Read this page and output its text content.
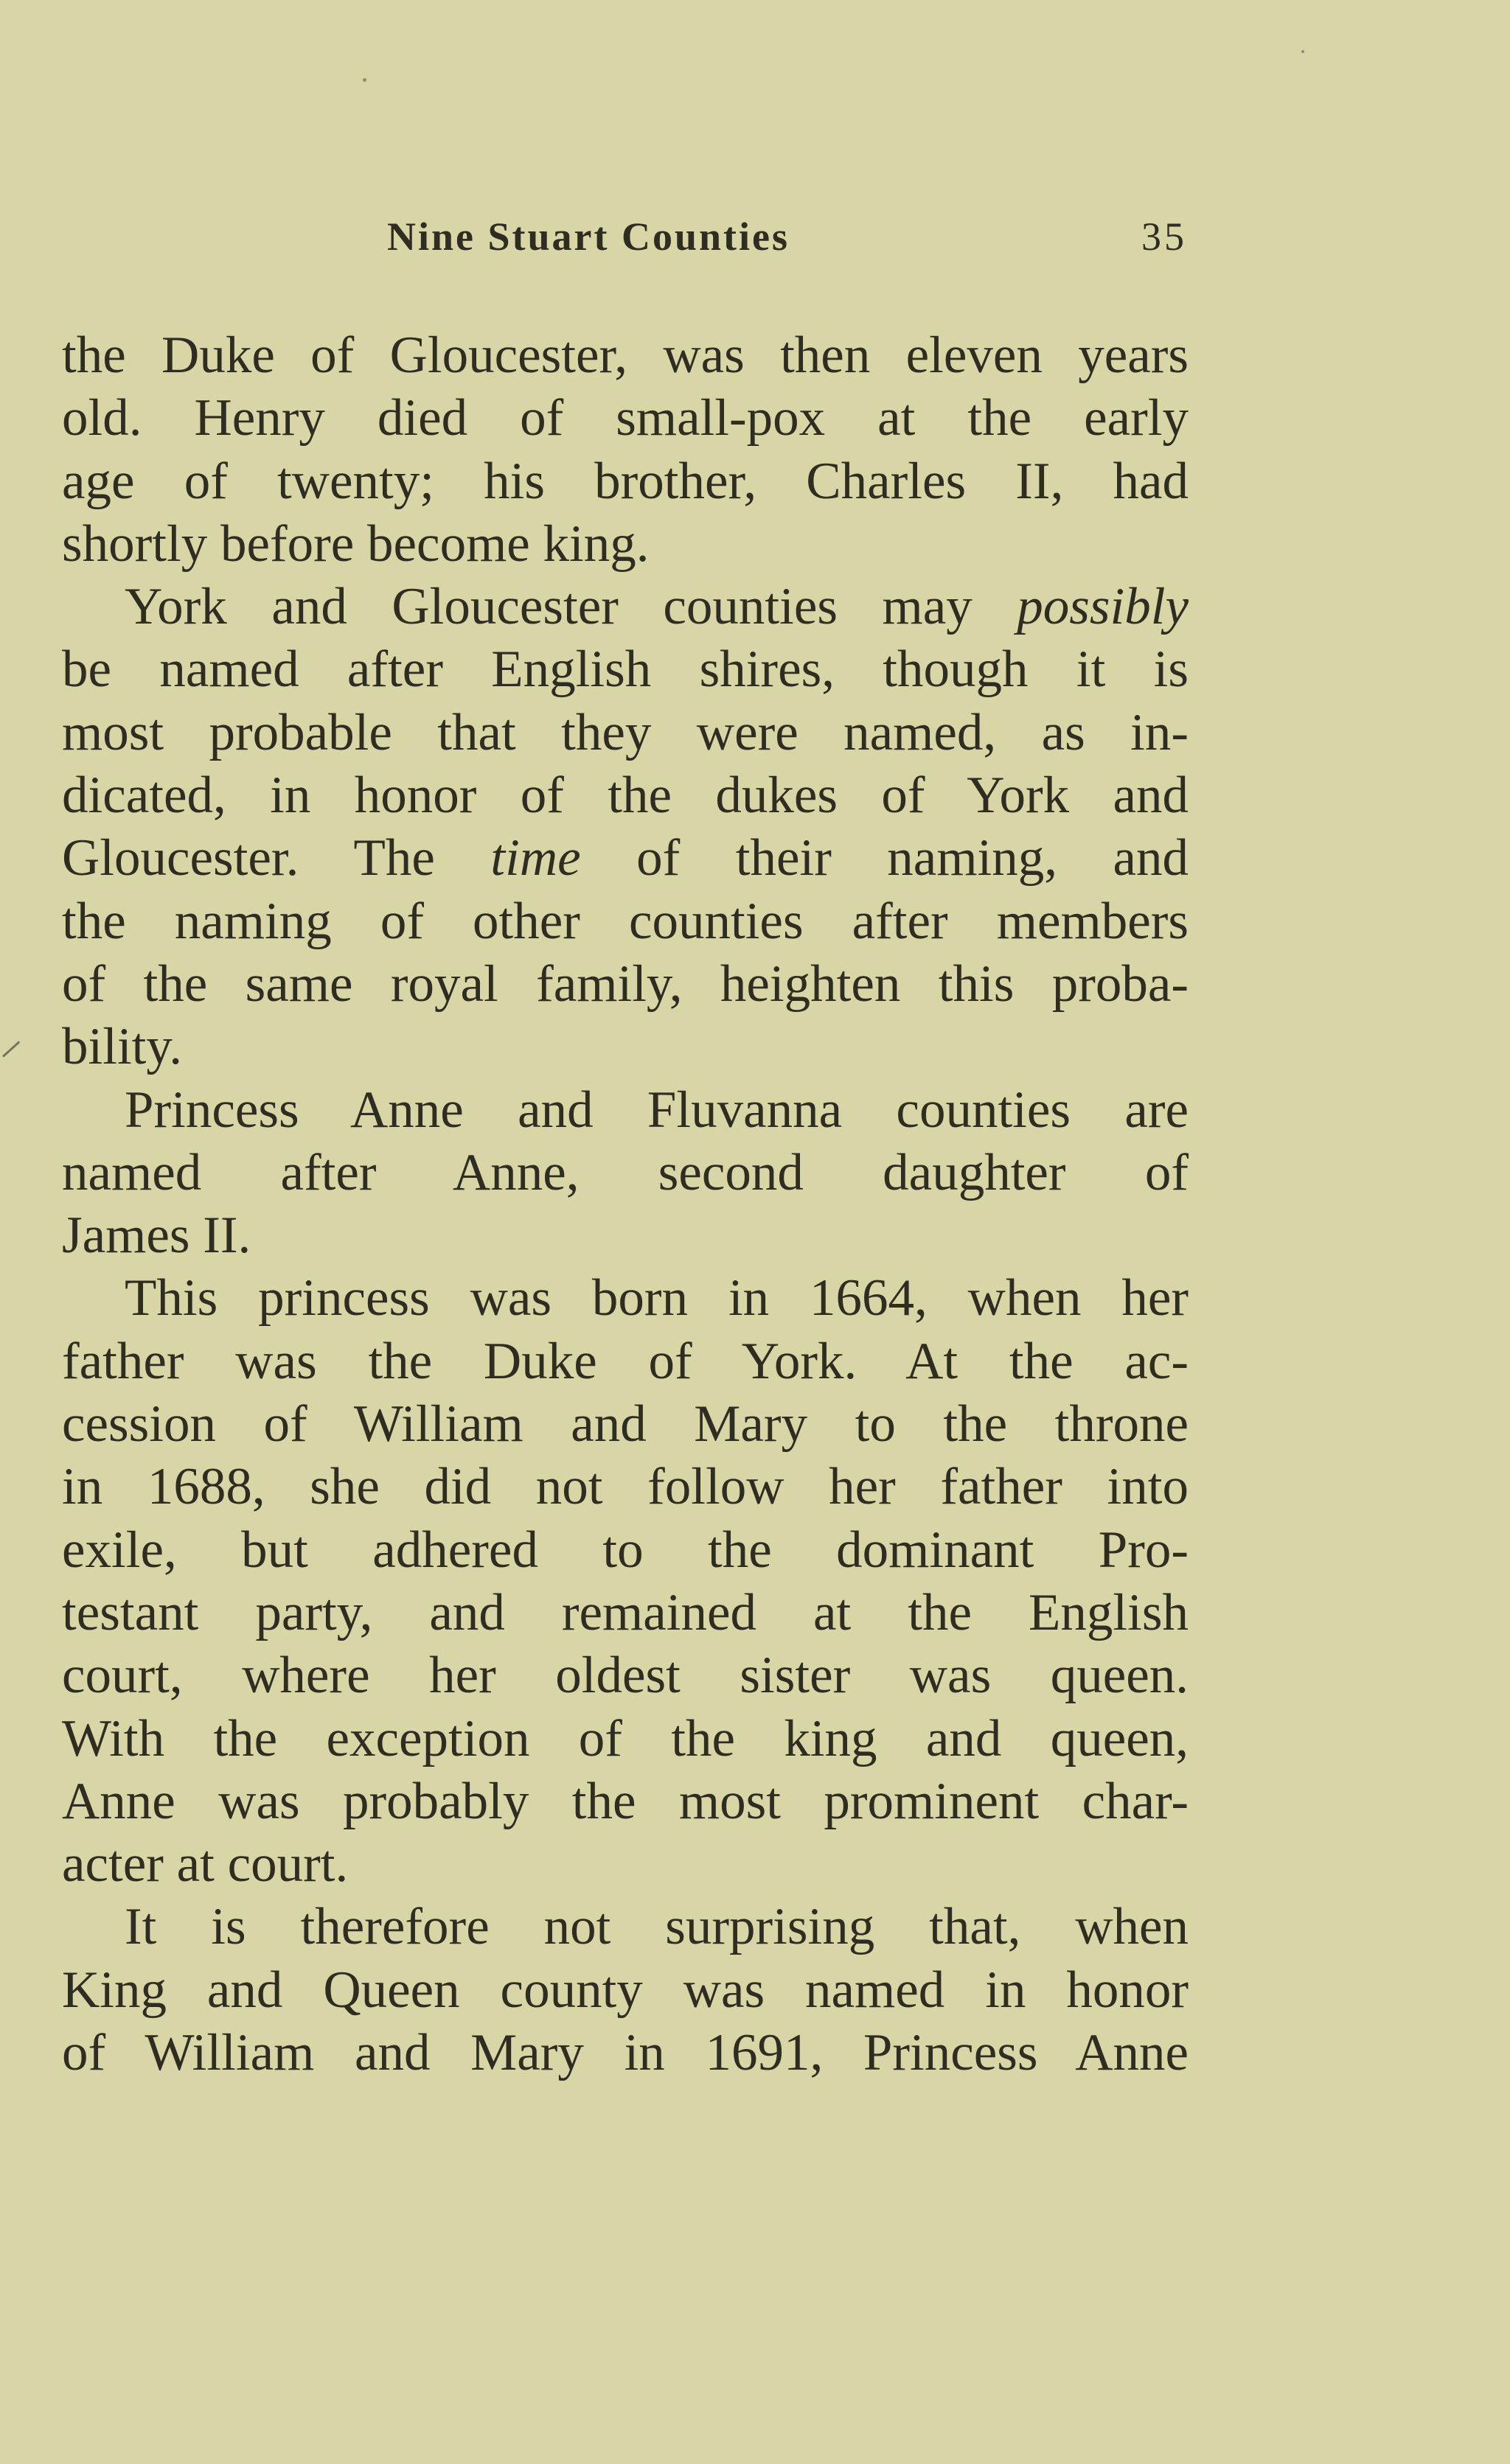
Nine Stuart Counties	35

the Duke of Gloucester, was then eleven years

old. Henry died of small-pox at the early

age of twenty; his brother, Charles II, had

shortly before become king.

York and Gloucester counties may possibly

be named after English shires, though it is

most probable that they were named, as in-

dicated, in honor of the dukes of York and

Gloucester. The time of their naming, and

the naming of other counties after members

of the same royal family, heighten this proba-

bility.

Princess Anne and Fluvanna counties are

named after Anne, second daughter of

James II.

This princess was born in 1664, when her

father was the Duke of York. At the ac-

cession of William and Mary to the throne

in 1688, she did not follow her father into

exile, but adhered to the dominant Pro-

testant party, and remained at the English

court, where her oldest sister was queen.

With the exception of the king and queen,

Anne was probably the most prominent char-

acter at court.

It is therefore not surprising that, when

King and Queen county was named in honor

of William and Mary in 1691, Princess Anne
